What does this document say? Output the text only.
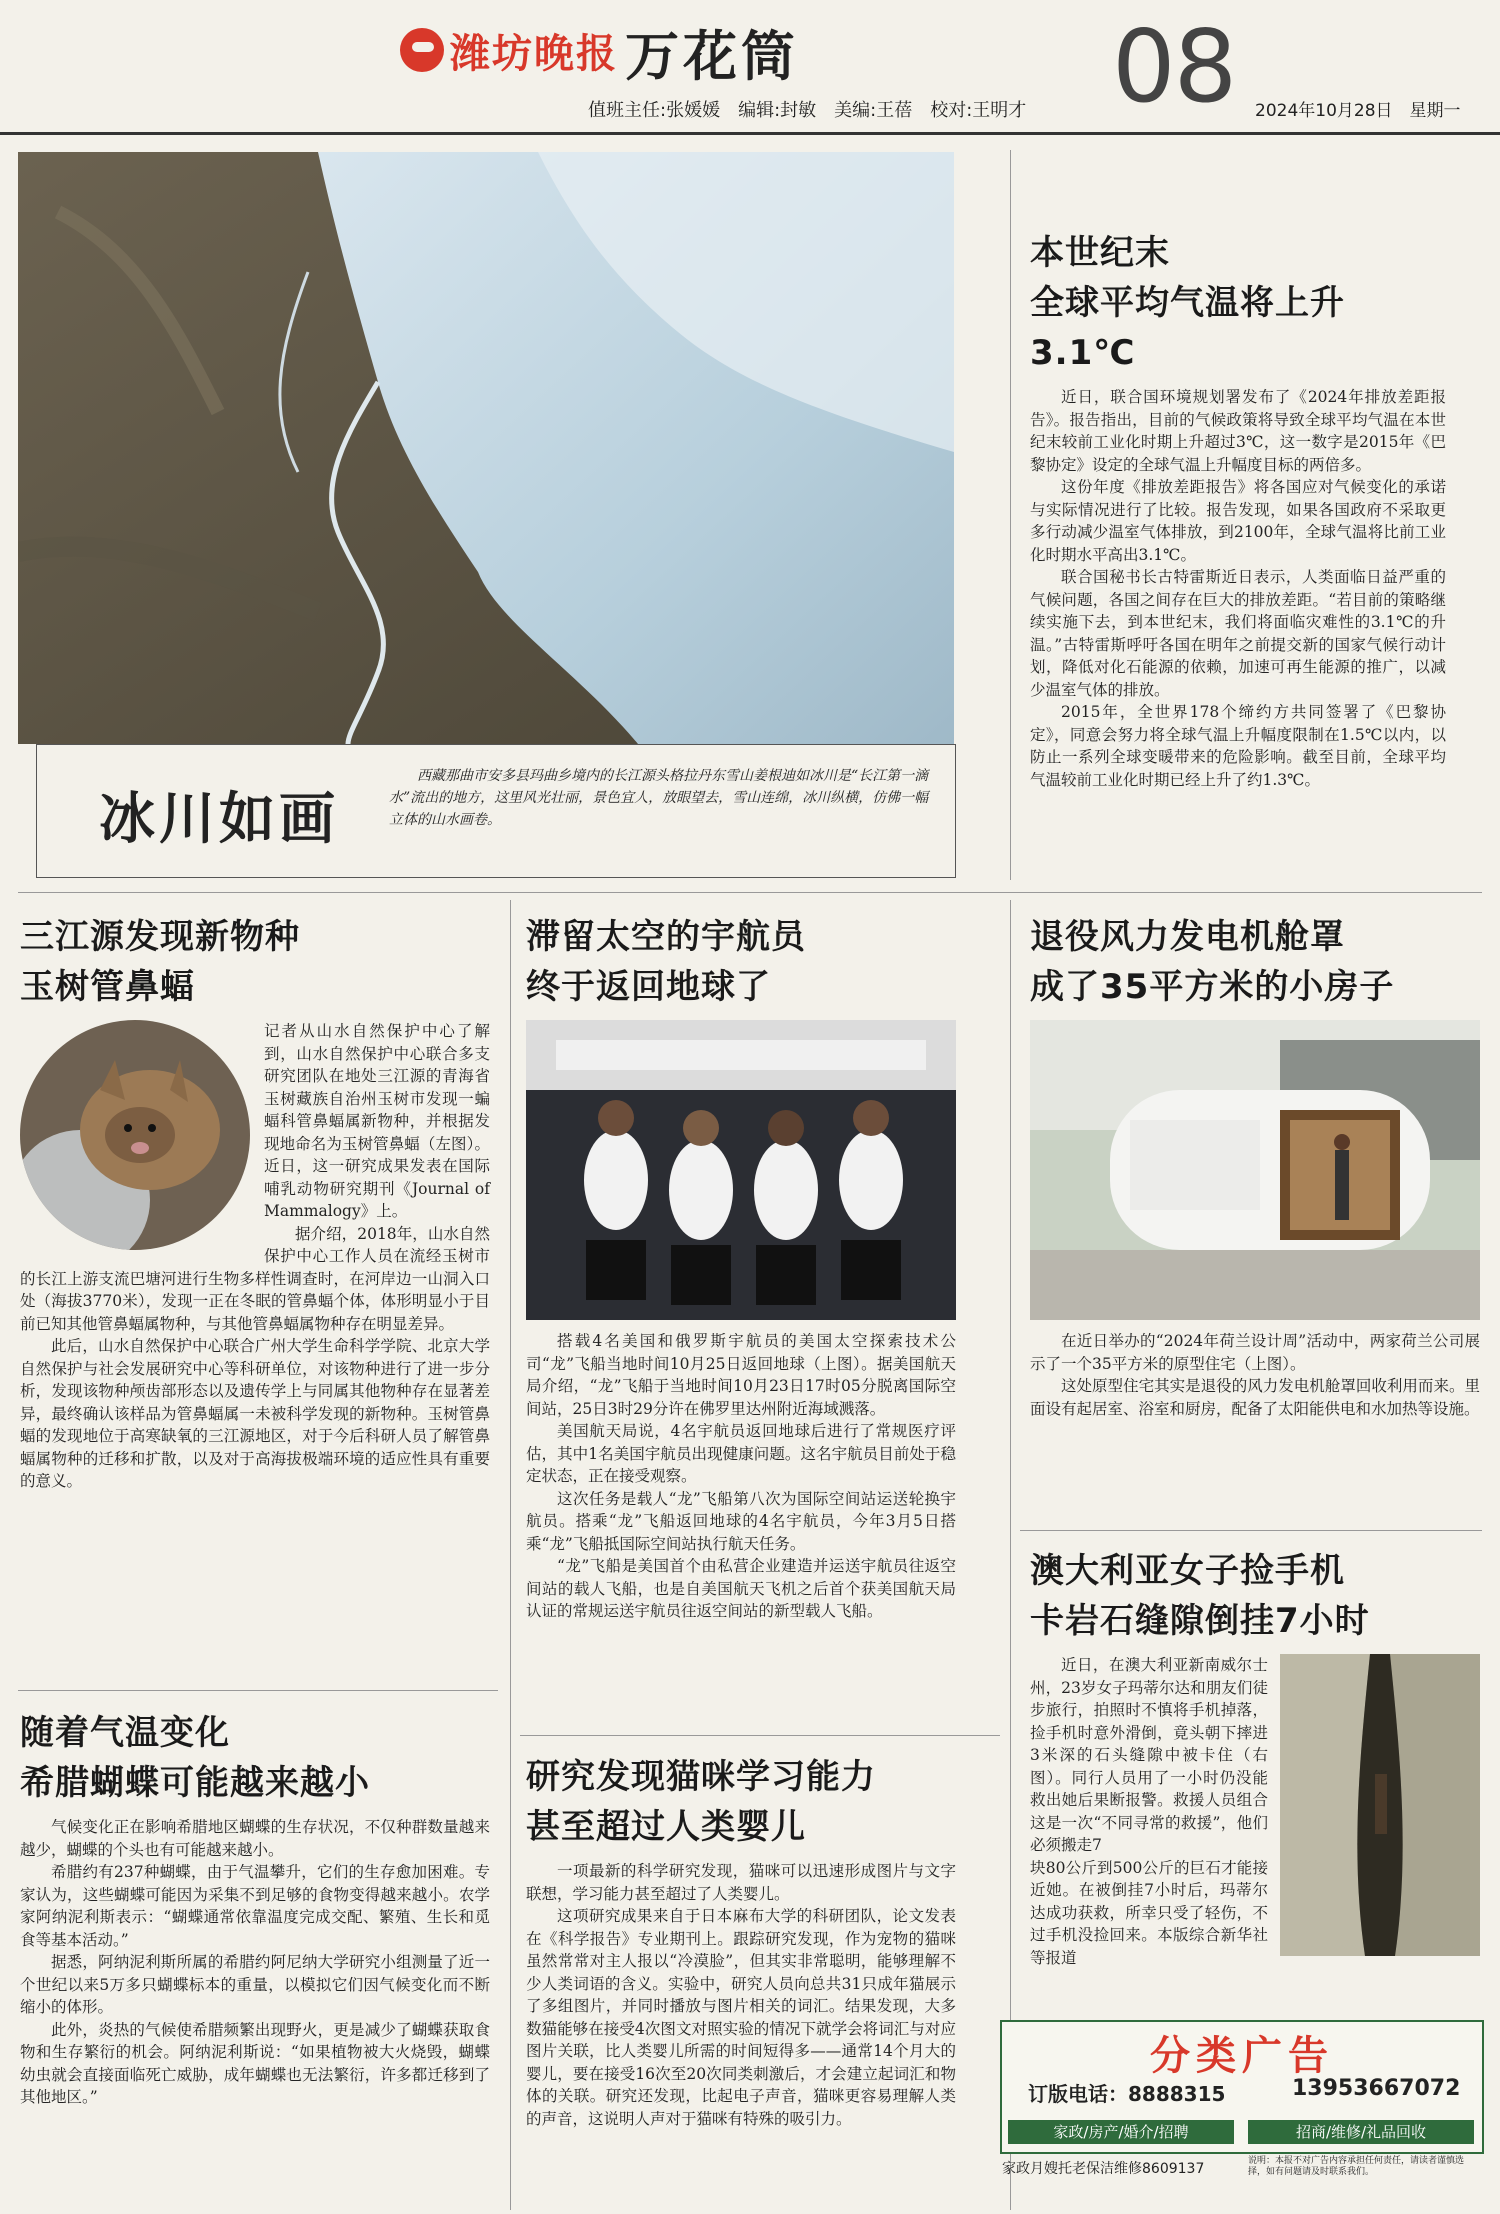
潍坊晚报 万花筒
值班主任:张媛媛　编辑:封敏　美编:王蓓　校对:王明才 08 2024年10月28日　星期一
冰川如画
西藏那曲市安多县玛曲乡境内的长江源头格拉丹东雪山姜根迪如冰川是“长江第一滴水”流出的地方，这里风光壮丽，景色宜人，放眼望去，雪山连绵，冰川纵横，仿佛一幅立体的山水画卷。
本世纪末
全球平均气温将上升3.1℃

近日，联合国环境规划署发布了《2024年排放差距报告》。报告指出，目前的气候政策将导致全球平均气温在本世纪末较前工业化时期上升超过3℃，这一数字是2015年《巴黎协定》设定的全球气温上升幅度目标的两倍多。

这份年度《排放差距报告》将各国应对气候变化的承诺与实际情况进行了比较。报告发现，如果各国政府不采取更多行动减少温室气体排放，到2100年，全球气温将比前工业化时期水平高出3.1℃。

联合国秘书长古特雷斯近日表示，人类面临日益严重的气候问题，各国之间存在巨大的排放差距。“若目前的策略继续实施下去，到本世纪末，我们将面临灾难性的3.1℃的升温。”古特雷斯呼吁各国在明年之前提交新的国家气候行动计划，降低对化石能源的依赖，加速可再生能源的推广，以减少温室气体的排放。

2015年，全世界178个缔约方共同签署了《巴黎协定》，同意会努力将全球气温上升幅度限制在1.5℃以内，以防止一系列全球变暖带来的危险影响。截至目前，全球平均气温较前工业化时期已经上升了约1.3℃。

三江源发现新物种
玉树管鼻蝠

记者从山水自然保护中心了解到，山水自然保护中心联合多支研究团队在地处三江源的青海省玉树藏族自治州玉树市发现一蝙蝠科管鼻蝠属新物种，并根据发现地命名为玉树管鼻蝠（左图）。近日，这一研究成果发表在国际哺乳动物研究期刊《Journal of Mammalogy》上。

据介绍，2018年，山水自然保护中心工作人员在流经玉树市的长江上游支流巴塘河进行生物多样性调查时，在河岸边一山洞入口处（海拔3770米），发现一正在冬眠的管鼻蝠个体，体形明显小于目前已知其他管鼻蝠属物种，与其他管鼻蝠属物种存在明显差异。

此后，山水自然保护中心联合广州大学生命科学学院、北京大学自然保护与社会发展研究中心等科研单位，对该物种进行了进一步分析，发现该物种颅齿部形态以及遗传学上与同属其他物种存在显著差异，最终确认该样品为管鼻蝠属一未被科学发现的新物种。玉树管鼻蝠的发现地位于高寒缺氧的三江源地区，对于今后科研人员了解管鼻蝠属物种的迁移和扩散，以及对于高海拔极端环境的适应性具有重要的意义。

滞留太空的宇航员
终于返回地球了

搭载4名美国和俄罗斯宇航员的美国太空探索技术公司“龙”飞船当地时间10月25日返回地球（上图）。据美国航天局介绍，“龙”飞船于当地时间10月23日17时05分脱离国际空间站，25日3时29分许在佛罗里达州附近海域溅落。

美国航天局说，4名宇航员返回地球后进行了常规医疗评估，其中1名美国宇航员出现健康问题。这名宇航员目前处于稳定状态，正在接受观察。

这次任务是载人“龙”飞船第八次为国际空间站运送轮换宇航员。搭乘“龙”飞船返回地球的4名宇航员，今年3月5日搭乘“龙”飞船抵国际空间站执行航天任务。

“龙”飞船是美国首个由私营企业建造并运送宇航员往返空间站的载人飞船，也是自美国航天飞机之后首个获美国航天局认证的常规运送宇航员往返空间站的新型载人飞船。

退役风力发电机舱罩
成了35平方米的小房子

在近日举办的“2024年荷兰设计周”活动中，两家荷兰公司展示了一个35平方米的原型住宅（上图）。

这处原型住宅其实是退役的风力发电机舱罩回收利用而来。里面设有起居室、浴室和厨房，配备了太阳能供电和水加热等设施。

随着气温变化
希腊蝴蝶可能越来越小

气候变化正在影响希腊地区蝴蝶的生存状况，不仅种群数量越来越少，蝴蝶的个头也有可能越来越小。

希腊约有237种蝴蝶，由于气温攀升，它们的生存愈加困难。专家认为，这些蝴蝶可能因为采集不到足够的食物变得越来越小。农学家阿纳泥利斯表示：“蝴蝶通常依靠温度完成交配、繁殖、生长和觅食等基本活动。”

据悉，阿纳泥利斯所属的希腊约阿尼纳大学研究小组测量了近一个世纪以来5万多只蝴蝶标本的重量，以模拟它们因气候变化而不断缩小的体形。

此外，炎热的气候使希腊频繁出现野火，更是减少了蝴蝶获取食物和生存繁衍的机会。阿纳泥利斯说：“如果植物被大火烧毁，蝴蝶幼虫就会直接面临死亡威胁，成年蝴蝶也无法繁衍，许多都迁移到了其他地区。”

研究发现猫咪学习能力
甚至超过人类婴儿

一项最新的科学研究发现，猫咪可以迅速形成图片与文字联想，学习能力甚至超过了人类婴儿。

这项研究成果来自于日本麻布大学的科研团队，论文发表在《科学报告》专业期刊上。跟踪研究发现，作为宠物的猫咪虽然常常对主人报以“冷漠脸”，但其实非常聪明，能够理解不少人类词语的含义。实验中，研究人员向总共31只成年猫展示了多组图片，并同时播放与图片相关的词汇。结果发现，大多数猫能够在接受4次图文对照实验的情况下就学会将词汇与对应图片关联，比人类婴儿所需的时间短得多——通常14个月大的婴儿，要在接受16次至20次同类刺激后，才会建立起词汇和物体的关联。研究还发现，比起电子声音，猫咪更容易理解人类的声音，这说明人声对于猫咪有特殊的吸引力。

澳大利亚女子捡手机
卡岩石缝隙倒挂7小时

近日，在澳大利亚新南威尔士州，23岁女子玛蒂尔达和朋友们徒步旅行，拍照时不慎将手机掉落，捡手机时意外滑倒，竟头朝下摔进3米深的石头缝隙中被卡住（右图）。同行人员用了一小时仍没能救出她后果断报警。救援人员组合这是一次“不同寻常的救援”，他们必须搬走7

块80公斤到500公斤的巨石才能接近她。在被倒挂7小时后，玛蒂尔达成功获救，所幸只受了轻伤，不过手机没捡回来。本版综合新华社等报道

分类广告
订版电话：8888315	13953667072
家政/房产/婚介/招聘	招商/维修/礼品回收
家政月嫂托老保洁维修8609137	说明：本报不对广告内容承担任何责任，请读者谨慎选择，如有问题请及时联系我们。
